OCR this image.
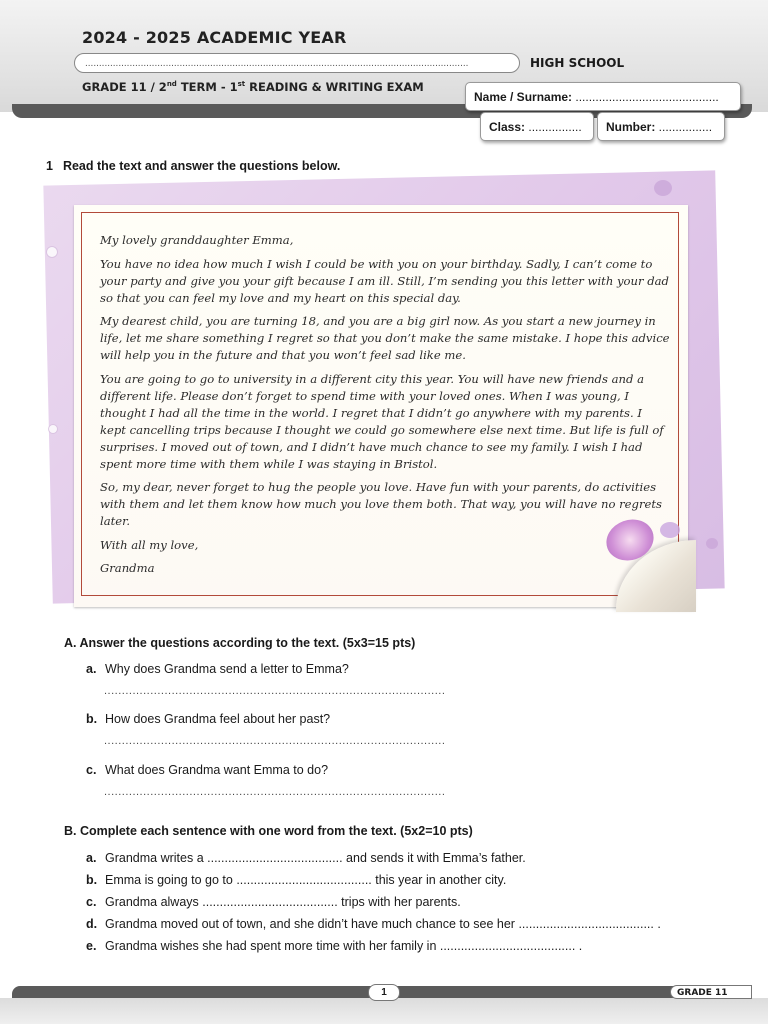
2024 - 2025 ACADEMIC YEAR
..........................................................................................................................................	HIGH SCHOOL
GRADE 11 / 2nd TERM - 1st READING & WRITING EXAM
Name / Surname: ...........................................
Class: ................	Number: ................
1 Read the text and answer the questions below.

My lovely granddaughter Emma,

You have no idea how much I wish I could be with you on your birthday. Sadly, I can’t come to your party and give you your gift because I am ill. Still, I’m sending you this letter with your dad so that you can feel my love and my heart on this special day.

My dearest child, you are turning 18, and you are a big girl now. As you start a new journey in life, let me share something I regret so that you don’t make the same mistake. I hope this advice will help you in the future and that you won’t feel sad like me.

You are going to go to university in a different city this year. You will have new friends and a different life. Please don’t forget to spend time with your loved ones. When I was young, I thought I had all the time in the world. I regret that I didn’t go anywhere with my parents. I kept cancelling trips because I thought we could go somewhere else next time. But life is full of surprises. I moved out of town, and I didn’t have much chance to see my family. I wish I had spent more time with them while I was staying in Bristol.

So, my dear, never forget to hug the people you love. Have fun with your parents, do activities with them and let them know how much you love them both. That way, you will have no regrets later.

With all my love,

Grandma

A. Answer the questions according to the text. (5x3=15 pts)
a. Why does Grandma send a letter to Emma?
................................................................................................
b. How does Grandma feel about her past?
................................................................................................
c. What does Grandma want Emma to do?
................................................................................................
B. Complete each sentence with one word from the text. (5x2=10 pts)
a. Grandma writes a ....................................... and sends it with Emma’s father.
b. Emma is going to go to ....................................... this year in another city.
c. Grandma always ....................................... trips with her parents.
d. Grandma moved out of town, and she didn’t have much chance to see her ....................................... .
e. Grandma wishes she had spent more time with her family in ....................................... .
1	GRADE 11
